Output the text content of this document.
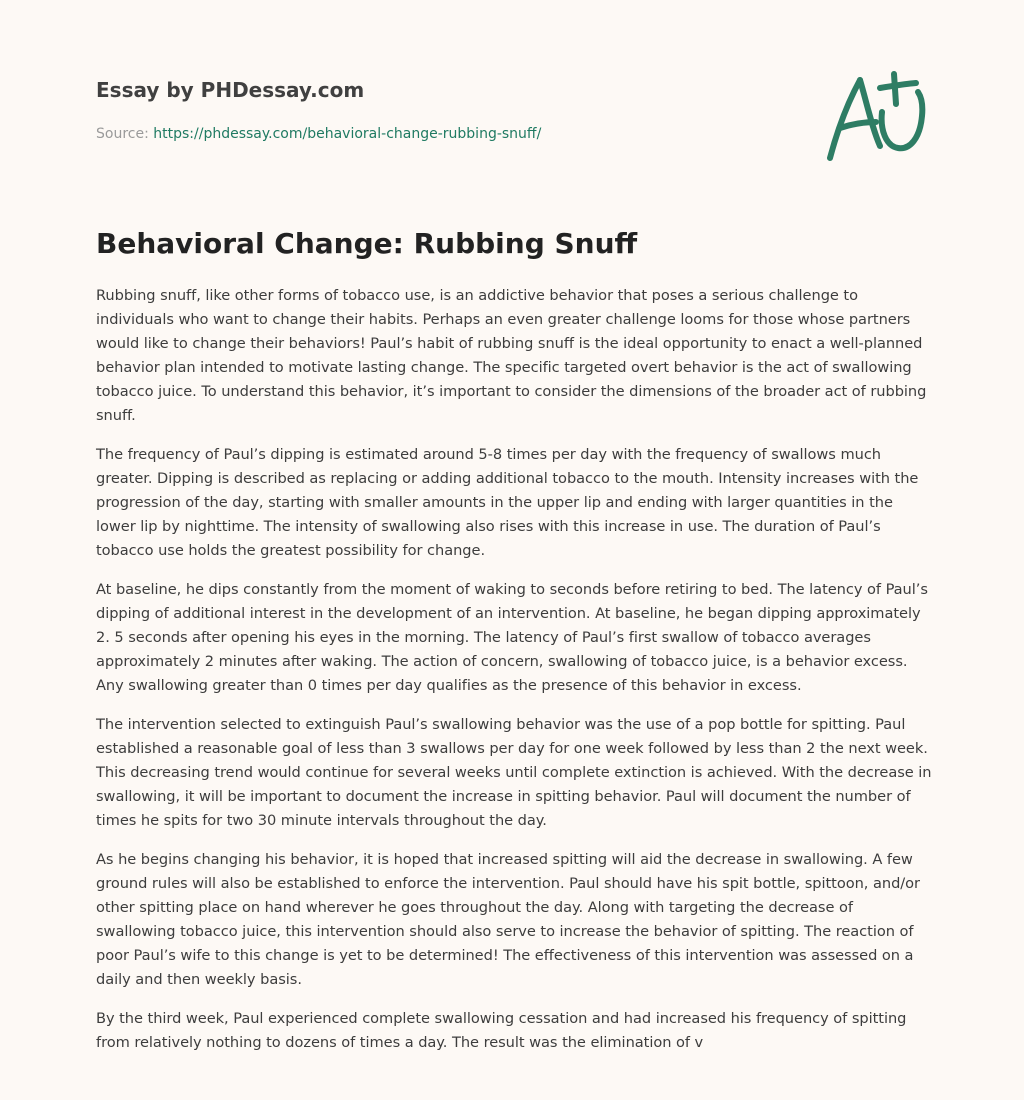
Essay by PHDessay.com
Source: https://phdessay.com/behavioral-change-rubbing-snuff/
Behavioral Change: Rubbing Snuff

Rubbing snuff, like other forms of tobacco use, is an addictive behavior that poses a serious challenge to individuals who want to change their habits. Perhaps an even greater challenge looms for those whose partners would like to change their behaviors! Paul’s habit of rubbing snuff is the ideal opportunity to enact a well-planned behavior plan intended to motivate lasting change. The specific targeted overt behavior is the act of swallowing tobacco juice. To understand this behavior, it’s important to consider the dimensions of the broader act of rubbing snuff.

The frequency of Paul’s dipping is estimated around 5-8 times per day with the frequency of swallows much greater. Dipping is described as replacing or adding additional tobacco to the mouth. Intensity increases with the progression of the day, starting with smaller amounts in the upper lip and ending with larger quantities in the lower lip by nighttime. The intensity of swallowing also rises with this increase in use. The duration of Paul’s tobacco use holds the greatest possibility for change.

At baseline, he dips constantly from the moment of waking to seconds before retiring to bed. The latency of Paul’s dipping of additional interest in the development of an intervention. At baseline, he began dipping approximately 2. 5 seconds after opening his eyes in the morning. The latency of Paul’s first swallow of tobacco averages approximately 2 minutes after waking. The action of concern, swallowing of tobacco juice, is a behavior excess. Any swallowing greater than 0 times per day qualifies as the presence of this behavior in excess.

The intervention selected to extinguish Paul’s swallowing behavior was the use of a pop bottle for spitting. Paul established a reasonable goal of less than 3 swallows per day for one week followed by less than 2 the next week. This decreasing trend would continue for several weeks until complete extinction is achieved. With the decrease in swallowing, it will be important to document the increase in spitting behavior. Paul will document the number of times he spits for two 30 minute intervals throughout the day.

As he begins changing his behavior, it is hoped that increased spitting will aid the decrease in swallowing. A few ground rules will also be established to enforce the intervention. Paul should have his spit bottle, spittoon, and/or other spitting place on hand wherever he goes throughout the day. Along with targeting the decrease of swallowing tobacco juice, this intervention should also serve to increase the behavior of spitting. The reaction of poor Paul’s wife to this change is yet to be determined! The effectiveness of this intervention was assessed on a daily and then weekly basis.

By the third week, Paul experienced complete swallowing cessation and had increased his frequency of spitting from relatively nothing to dozens of times a day. The result was the elimination of v
